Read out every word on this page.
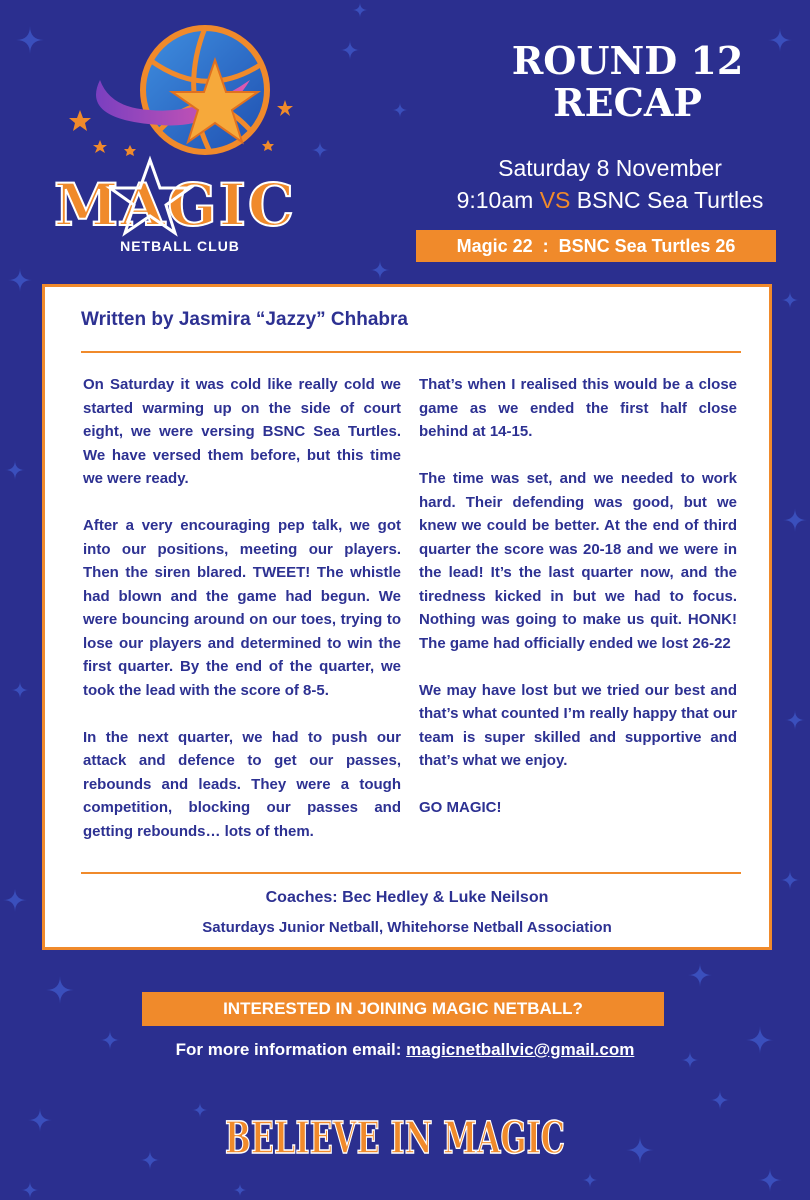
MAGIC
NETBALL CLUB
ROUND 12
RECAP
Saturday 8 November
9:10am VS BSNC Sea Turtles
Magic 22  :  BSNC Sea Turtles 26
Written by Jasmira “Jazzy” Chhabra

On Saturday it was cold like really cold we started warming up on the side of court eight, we were versing BSNC Sea Turtles. We have versed them before, but this time we were ready.

After a very encouraging pep talk, we got into our positions, meeting our players. Then the siren blared. TWEET! The whistle had blown and the game had begun. We were bouncing around on our toes, trying to lose our players and determined to win the first quarter. By the end of the quarter, we took the lead with the score of 8-5.

In the next quarter, we had to push our attack and defence to get our passes, rebounds and leads. They were a tough competition, blocking our passes and getting rebounds… lots of them.

That’s when I realised this would be a close game as we ended the first half close behind at 14-15.

The time was set, and we needed to work hard. Their defending was good, but we knew we could be better. At the end of third quarter the score was 20-18 and we were in the lead! It’s the last quarter now, and the tiredness kicked in but we had to focus. Nothing was going to make us quit. HONK! The game had officially ended we lost 26-22

We may have lost but we tried our best and that’s what counted I’m really happy that our team is super skilled and supportive and that’s what we enjoy.

GO MAGIC!

Coaches: Bec Hedley & Luke Neilson
Saturdays Junior Netball, Whitehorse Netball Association
INTERESTED IN JOINING MAGIC NETBALL?
For more information email: magicnetballvic@gmail.com
BELIEVE IN MAGIC
